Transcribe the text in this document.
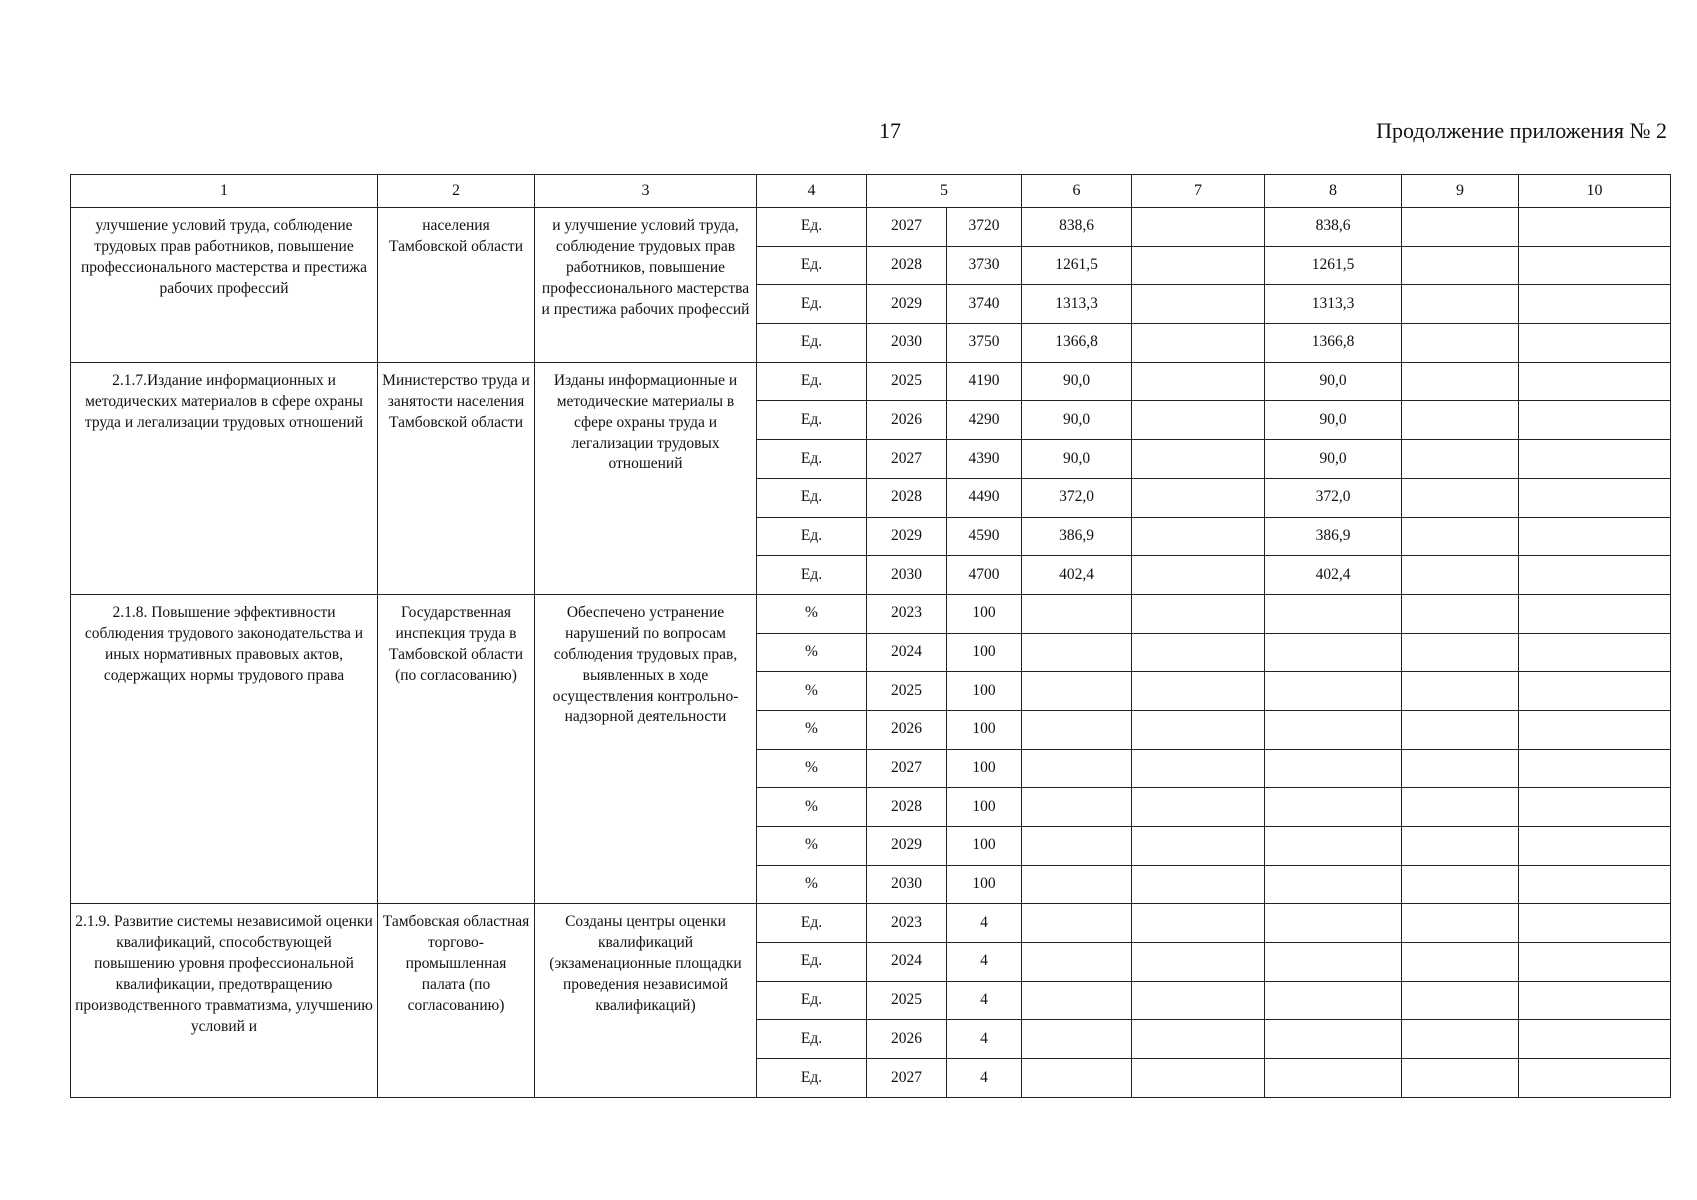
17	Продолжение приложения № 2
1	2	3	4	5		6	7	8	9	10
улучшение условий труда, соблюдение трудовых прав работников, повышение профессионального мастерства и престижа рабочих профессий	населения Тамбовской области	и улучшение условий труда, соблюдение трудовых прав работников, повышение профессионального мастерства и престижа рабочих профессий	Ед.	2027	3720	838,6		838,6		
			Ед.	2028	3730	1261,5		1261,5		
			Ед.	2029	3740	1313,3		1313,3		
			Ед.	2030	3750	1366,8		1366,8		
2.1.7.Издание информационных и методических материалов в сфере охраны труда и легализации трудовых отношений	Министерство труда и занятости населения Тамбовской области	Изданы информационные и методические материалы в сфере охраны труда и легализации трудовых отношений	Ед.	2025	4190	90,0		90,0		
			Ед.	2026	4290	90,0		90,0		
			Ед.	2027	4390	90,0		90,0		
			Ед.	2028	4490	372,0		372,0		
			Ед.	2029	4590	386,9		386,9		
			Ед.	2030	4700	402,4		402,4		
2.1.8. Повышение эффективности соблюдения трудового законодательства и иных нормативных правовых актов, содержащих нормы трудового права	Государственная инспекция труда в Тамбовской области (по согласованию)	Обеспечено устранение нарушений по вопросам соблюдения трудовых прав, выявленных в ходе осуществления контрольно-надзорной деятельности	%	2023	100					
			%	2024	100					
			%	2025	100					
			%	2026	100					
			%	2027	100					
			%	2028	100					
			%	2029	100					
			%	2030	100					
2.1.9. Развитие системы независимой оценки квалификаций, способствующей повышению уровня профессиональной квалификации, предотвращению производственного травматизма, улучшению условий и	Тамбовская областная торгово-промышленная палата (по согласованию)	Созданы центры оценки квалификаций (экзаменационные площадки проведения независимой квалификаций)	Ед.	2023	4					
			Ед.	2024	4					
			Ед.	2025	4					
			Ед.	2026	4					
			Ед.	2027	4					
